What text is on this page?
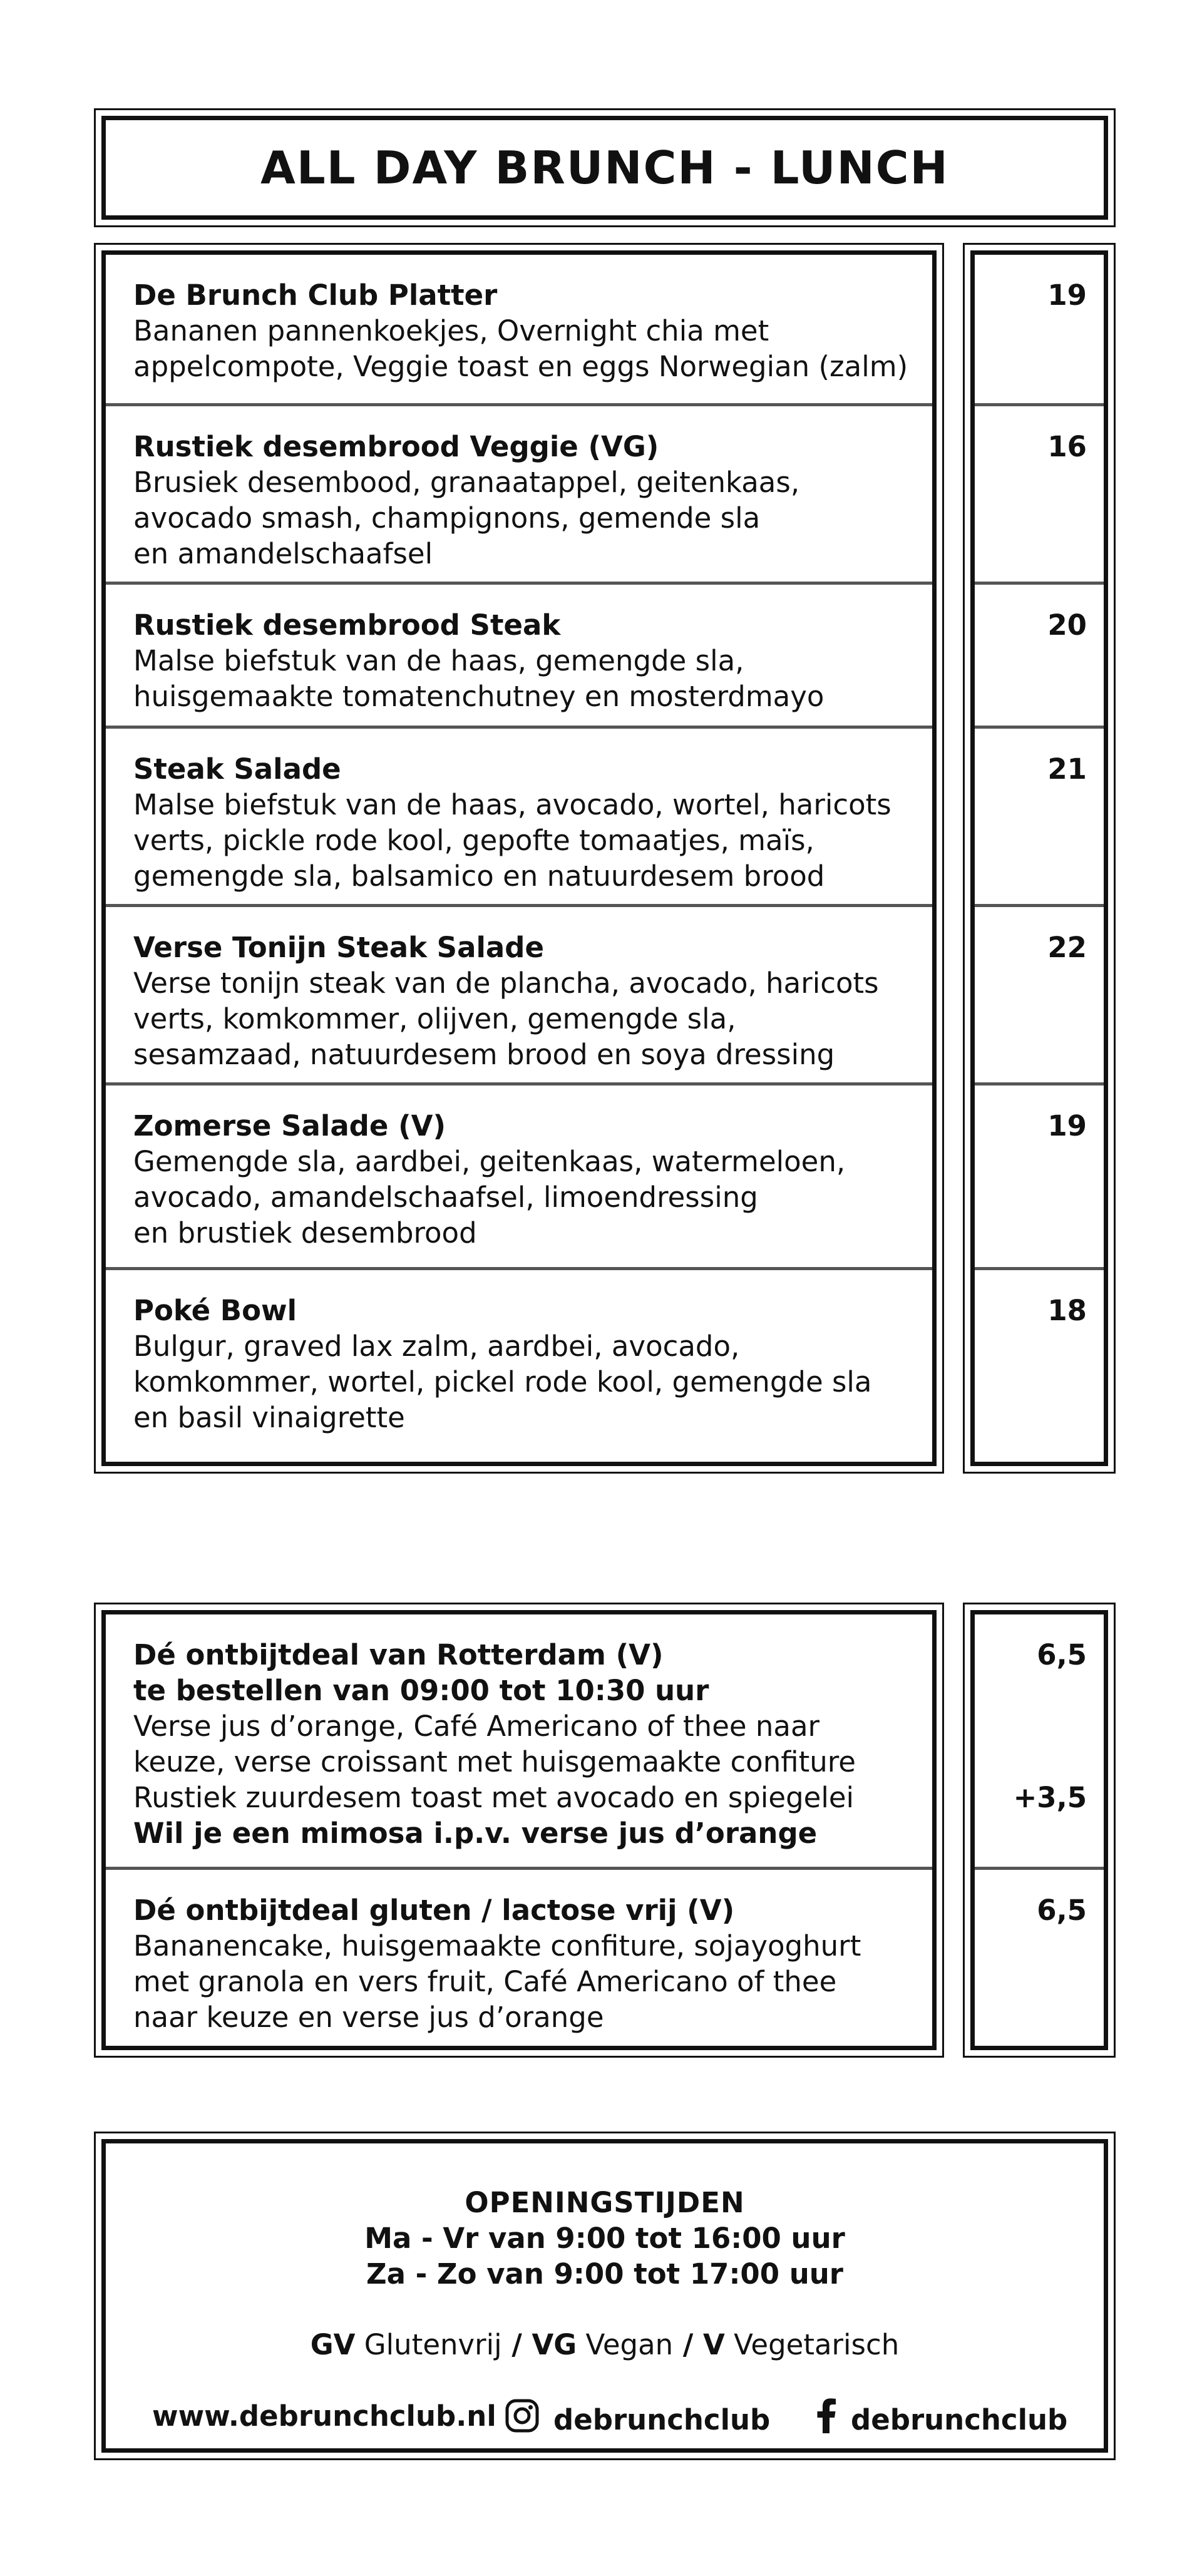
ALL DAY BRUNCH - LUNCH
De Brunch Club Platter
Bananen pannenkoekjes, Overnight chia met
appelcompote, Veggie toast en eggs Norwegian (zalm)
Rustiek desembrood Veggie (VG)
Brusiek desembood, granaatappel, geitenkaas,
avocado smash, champignons, gemende sla
en amandelschaafsel
Rustiek desembrood Steak
Malse biefstuk van de haas, gemengde sla,
huisgemaakte tomatenchutney en mosterdmayo
Steak Salade
Malse biefstuk van de haas, avocado, wortel, haricots
verts, pickle rode kool, gepofte tomaatjes, maïs,
gemengde sla, balsamico en natuurdesem brood
Verse Tonijn Steak Salade
Verse tonijn steak van de plancha, avocado, haricots
verts, komkommer, olijven, gemengde sla,
sesamzaad, natuurdesem brood en soya dressing
Zomerse Salade (V)
Gemengde sla, aardbei, geitenkaas, watermeloen,
avocado, amandelschaafsel, limoendressing
en brustiek desembrood
Poké Bowl
Bulgur, graved lax zalm, aardbei, avocado,
komkommer, wortel, pickel rode kool, gemengde sla
en basil vinaigrette
19
16
20
21
22
19
18
Dé ontbijtdeal van Rotterdam (V)
te bestellen van 09:00 tot 10:30 uur
Verse jus d’orange, Café Americano of thee naar
keuze, verse croissant met huisgemaakte confiture
Rustiek zuurdesem toast met avocado en spiegelei
Wil je een mimosa i.p.v. verse jus d’orange
Dé ontbijtdeal gluten / lactose vrij (V)
Bananencake, huisgemaakte confiture, sojayoghurt
met granola en vers fruit, Café Americano of thee
naar keuze en verse jus d’orange
6,5
+3,5
6,5
OPENINGSTIJDEN
Ma - Vr van 9:00 tot 16:00 uur
Za - Zo van 9:00 tot 17:00 uur
GV Glutenvrij / VG Vegan / V Vegetarisch
www.debrunchclub.nl debrunchclub	debrunchclub
